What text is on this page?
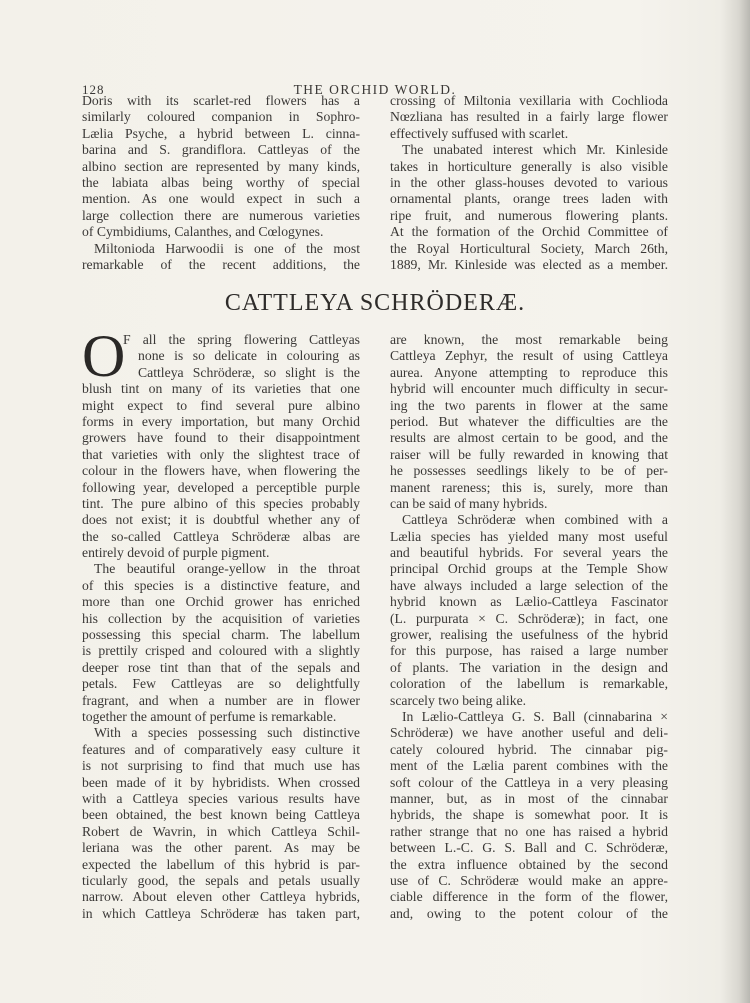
128	THE ORCHID WORLD.
Doris with its scarlet-red flowers has a
similarly coloured companion in Sophro-
Lælia Psyche, a hybrid between L. cinna-
barina and S. grandiflora. Cattleyas of the
albino section are represented by many kinds,
the labiata albas being worthy of special
mention. As one would expect in such a
large collection there are numerous varieties
of Cymbidiums, Calanthes, and Cœlogynes.
Miltonioda Harwoodii is one of the most
remarkable of the recent additions, the
crossing of Miltonia vexillaria with Cochlioda
Nœzliana has resulted in a fairly large flower
effectively suffused with scarlet.
The unabated interest which Mr. Kinleside
takes in horticulture generally is also visible
in the other glass-houses devoted to various
ornamental plants, orange trees laden with
ripe fruit, and numerous flowering plants.
At the formation of the Orchid Committee of
the Royal Horticultural Society, March 26th,
1889, Mr. Kinleside was elected as a member.
CATTLEYA SCHRÖDERÆ.
O
F all the spring flowering Cattleyas
none is so delicate in colouring as
Cattleya Schröderæ, so slight is the
blush tint on many of its varieties that one
might expect to find several pure albino
forms in every importation, but many Orchid
growers have found to their disappointment
that varieties with only the slightest trace of
colour in the flowers have, when flowering the
following year, developed a perceptible purple
tint. The pure albino of this species probably
does not exist; it is doubtful whether any of
the so-called Cattleya Schröderæ albas are
entirely devoid of purple pigment.
The beautiful orange-yellow in the throat
of this species is a distinctive feature, and
more than one Orchid grower has enriched
his collection by the acquisition of varieties
possessing this special charm. The labellum
is prettily crisped and coloured with a slightly
deeper rose tint than that of the sepals and
petals. Few Cattleyas are so delightfully
fragrant, and when a number are in flower
together the amount of perfume is remarkable.
With a species possessing such distinctive
features and of comparatively easy culture it
is not surprising to find that much use has
been made of it by hybridists. When crossed
with a Cattleya species various results have
been obtained, the best known being Cattleya
Robert de Wavrin, in which Cattleya Schil-
leriana was the other parent. As may be
expected the labellum of this hybrid is par-
ticularly good, the sepals and petals usually
narrow. About eleven other Cattleya hybrids,
in which Cattleya Schröderæ has taken part,
are known, the most remarkable being
Cattleya Zephyr, the result of using Cattleya
aurea. Anyone attempting to reproduce this
hybrid will encounter much difficulty in secur-
ing the two parents in flower at the same
period. But whatever the difficulties are the
results are almost certain to be good, and the
raiser will be fully rewarded in knowing that
he possesses seedlings likely to be of per-
manent rareness; this is, surely, more than
can be said of many hybrids.
Cattleya Schröderæ when combined with a
Lælia species has yielded many most useful
and beautiful hybrids. For several years the
principal Orchid groups at the Temple Show
have always included a large selection of the
hybrid known as Lælio-Cattleya Fascinator
(L. purpurata × C. Schröderæ); in fact, one
grower, realising the usefulness of the hybrid
for this purpose, has raised a large number
of plants. The variation in the design and
coloration of the labellum is remarkable,
scarcely two being alike.
In Lælio-Cattleya G. S. Ball (cinnabarina ×
Schröderæ) we have another useful and deli-
cately coloured hybrid. The cinnabar pig-
ment of the Lælia parent combines with the
soft colour of the Cattleya in a very pleasing
manner, but, as in most of the cinnabar
hybrids, the shape is somewhat poor. It is
rather strange that no one has raised a hybrid
between L.-C. G. S. Ball and C. Schröderæ,
the extra influence obtained by the second
use of C. Schröderæ would make an appre-
ciable difference in the form of the flower,
and, owing to the potent colour of the
